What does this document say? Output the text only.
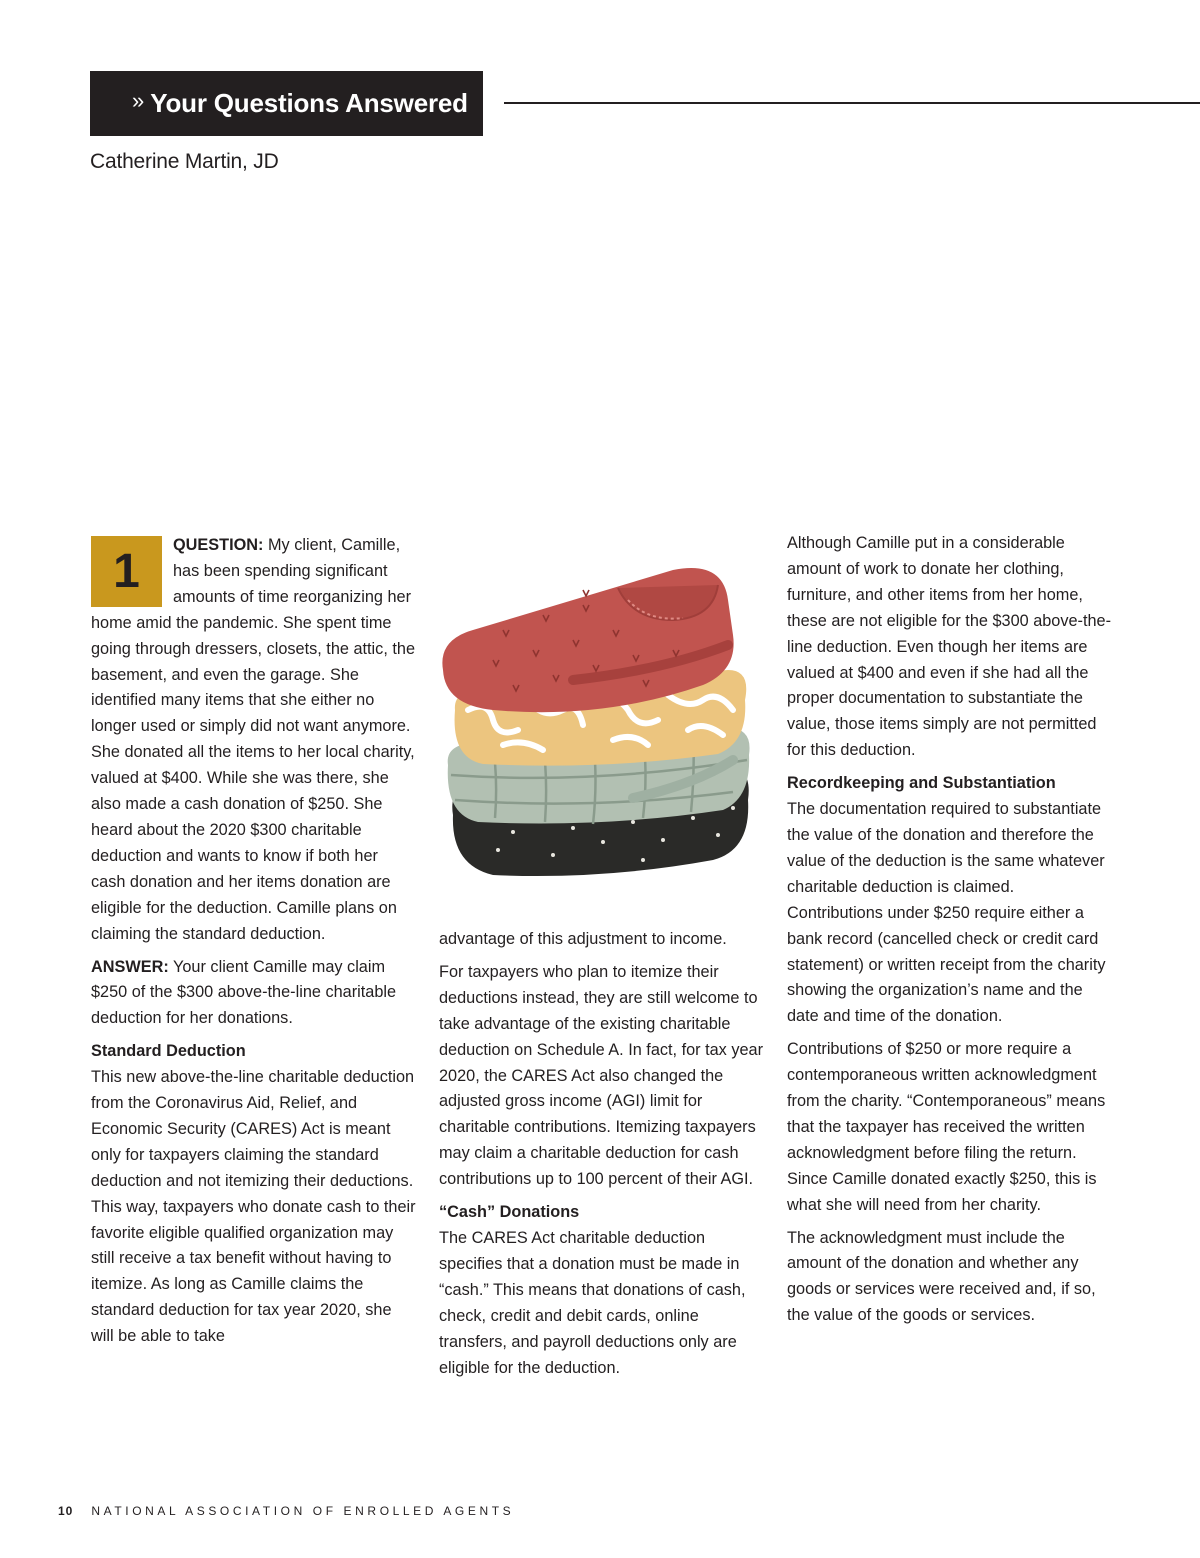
» Your Questions Answered
Catherine Martin, JD

1	QUESTION: My client, Camille, has been spending significant amounts of time reorganizing her home amid the pandemic. She spent time going through dressers, closets, the attic, the basement, and even the garage. She identified many items that she either no longer used or simply did not want anymore. She donated all the items to her local charity, valued at $400. While she was there, she also made a cash donation of $250. She heard about the 2020 $300 charitable deduction and wants to know if both her cash donation and her items donation are eligible for the deduction. Camille plans on claiming the standard deduction.

ANSWER: Your client Camille may claim $250 of the $300 above-the-line charitable deduction for her donations.

Standard Deduction

This new above-the-line charitable deduction from the Coronavirus Aid, Relief, and Economic Security (CARES) Act is meant only for taxpayers claiming the standard deduction and not itemizing their deductions. This way, taxpayers who donate cash to their favorite eligible qualified organization may still receive a tax benefit without having to itemize. As long as Camille claims the standard deduction for tax year 2020, she will be able to take

advantage of this adjustment to income.

For taxpayers who plan to itemize their deductions instead, they are still welcome to take advantage of the existing charitable deduction on Schedule A. In fact, for tax year 2020, the CARES Act also changed the adjusted gross income (AGI) limit for charitable contributions. Itemizing taxpayers may claim a charitable deduction for cash contributions up to 100 percent of their AGI.

“Cash” Donations

The CARES Act charitable deduction specifies that a donation must be made in “cash.” This means that donations of cash, check, credit and debit cards, online transfers, and payroll deductions only are eligible for the deduction.

Although Camille put in a considerable amount of work to donate her clothing, furniture, and other items from her home, these are not eligible for the $300 above-the-line deduction. Even though her items are valued at $400 and even if she had all the proper documentation to substantiate the value, those items simply are not permitted for this deduction.

Recordkeeping and Substantiation

The documentation required to substantiate the value of the donation and therefore the value of the deduction is the same whatever charitable deduction is claimed. Contributions under $250 require either a bank record (cancelled check or credit card statement) or written receipt from the charity showing the organization’s name and the date and time of the donation.

Contributions of $250 or more require a contemporaneous written acknowledgment from the charity. “Contemporaneous” means that the taxpayer has received the written acknowledgment before filing the return. Since Camille donated exactly $250, this is what she will need from her charity.

The acknowledgment must include the amount of the donation and whether any goods or services were received and, if so, the value of the goods or services.

10 NATIONAL ASSOCIATION OF ENROLLED AGENTS
